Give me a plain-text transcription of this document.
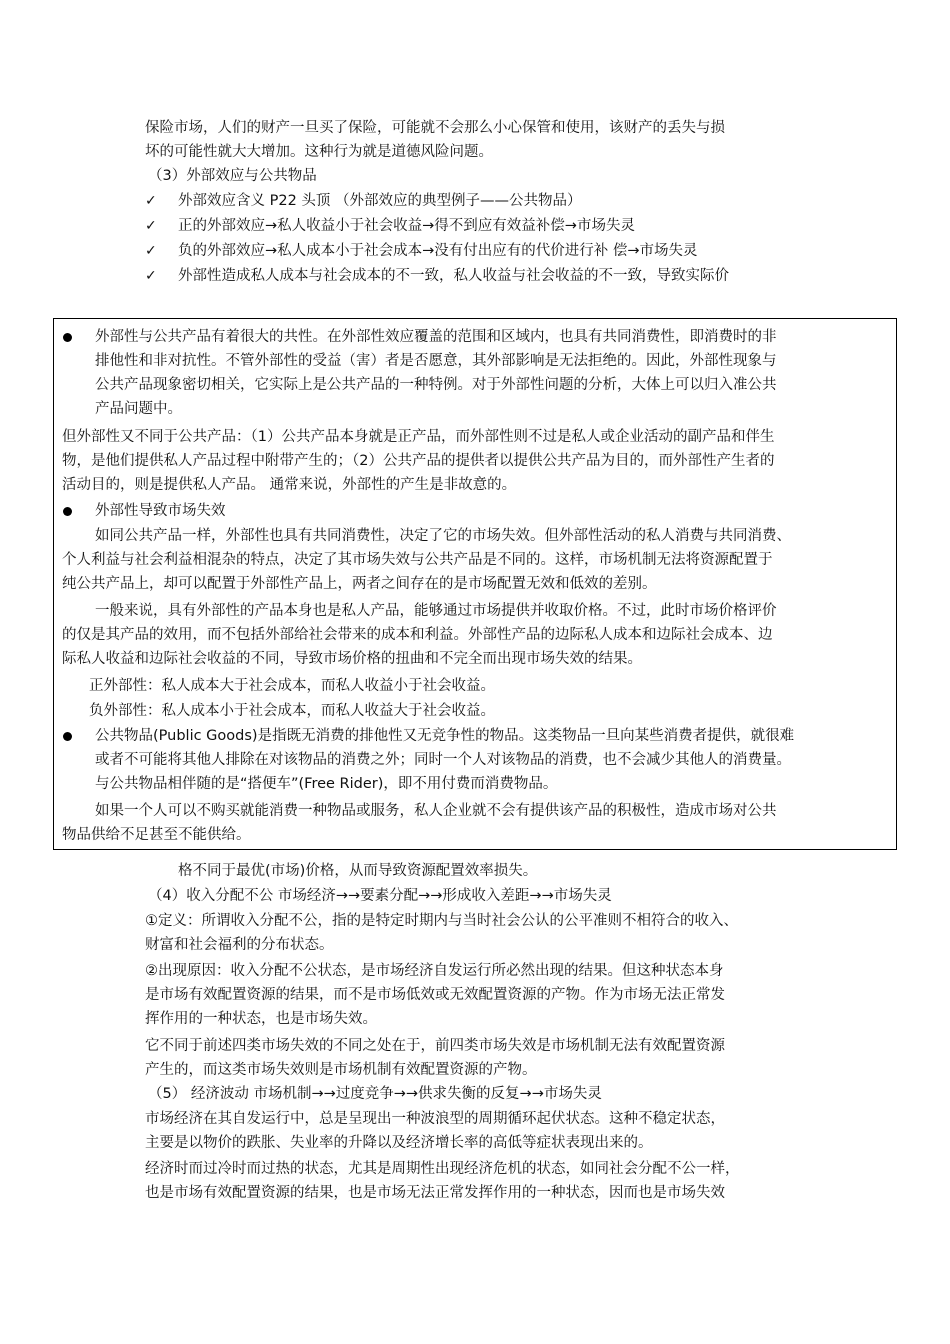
保险市场，人们的财产一旦买了保险，可能就不会那么小心保管和使用，该财产的丢失与损
坏的可能性就大大增加。这种行为就是道德风险问题。
（3）外部效应与公共物品
✓ 外部效应含义 P22 头顶 （外部效应的典型例子——公共物品）
✓ 正的外部效应→私人收益小于社会收益→得不到应有效益补偿→市场失灵
✓ 负的外部效应→私人成本小于社会成本→没有付出应有的代价进行补 偿→市场失灵
✓ 外部性造成私人成本与社会成本的不一致，私人收益与社会收益的不一致，导致实际价
外部性与公共产品有着很大的共性。在外部性效应覆盖的范围和区域内，也具有共同消费性，即消费时的非
排他性和非对抗性。不管外部性的受益（害）者是否愿意，其外部影响是无法拒绝的。因此，外部性现象与
公共产品现象密切相关，它实际上是公共产品的一种特例。对于外部性问题的分析，大体上可以归入准公共
产品问题中。
但外部性又不同于公共产品：（1）公共产品本身就是正产品，而外部性则不过是私人或企业活动的副产品和伴生
物，是他们提供私人产品过程中附带产生的；（2）公共产品的提供者以提供公共产品为目的，而外部性产生者的
活动目的，则是提供私人产品。 通常来说，外部性的产生是非故意的。
外部性导致市场失效
如同公共产品一样，外部性也具有共同消费性，决定了它的市场失效。但外部性活动的私人消费与共同消费、
个人利益与社会利益相混杂的特点，决定了其市场失效与公共产品是不同的。这样，市场机制无法将资源配置于
纯公共产品上，却可以配置于外部性产品上，两者之间存在的是市场配置无效和低效的差别。
一般来说，具有外部性的产品本身也是私人产品，能够通过市场提供并收取价格。不过，此时市场价格评价
的仅是其产品的效用，而不包括外部给社会带来的成本和利益。外部性产品的边际私人成本和边际社会成本、边
际私人收益和边际社会收益的不同，导致市场价格的扭曲和不完全而出现市场失效的结果。
正外部性：私人成本大于社会成本，而私人收益小于社会收益。
负外部性：私人成本小于社会成本，而私人收益大于社会收益。
公共物品(Public Goods)是指既无消费的排他性又无竞争性的物品。这类物品一旦向某些消费者提供，就很难
或者不可能将其他人排除在对该物品的消费之外；同时一个人对该物品的消费，也不会减少其他人的消费量。
与公共物品相伴随的是“搭便车”(Free Rider)，即不用付费而消费物品。
如果一个人可以不购买就能消费一种物品或服务，私人企业就不会有提供该产品的积极性，造成市场对公共
物品供给不足甚至不能供给。
格不同于最优(市场)价格，从而导致资源配置效率损失。
（4）收入分配不公 市场经济→→要素分配→→形成收入差距→→市场失灵
①定义：所谓收入分配不公，指的是特定时期内与当时社会公认的公平准则不相符合的收入、
财富和社会福利的分布状态。
②出现原因：收入分配不公状态，是市场经济自发运行所必然出现的结果。但这种状态本身
是市场有效配置资源的结果，而不是市场低效或无效配置资源的产物。作为市场无法正常发
挥作用的一种状态，也是市场失效。
它不同于前述四类市场失效的不同之处在于，前四类市场失效是市场机制无法有效配置资源
产生的，而这类市场失效则是市场机制有效配置资源的产物。
（5） 经济波动 市场机制→→过度竞争→→供求失衡的反复→→市场失灵
市场经济在其自发运行中，总是呈现出一种波浪型的周期循环起伏状态。这种不稳定状态，
主要是以物价的跌胀、失业率的升降以及经济增长率的高低等症状表现出来的。
经济时而过冷时而过热的状态，尤其是周期性出现经济危机的状态，如同社会分配不公一样，
也是市场有效配置资源的结果，也是市场无法正常发挥作用的一种状态，因而也是市场失效
